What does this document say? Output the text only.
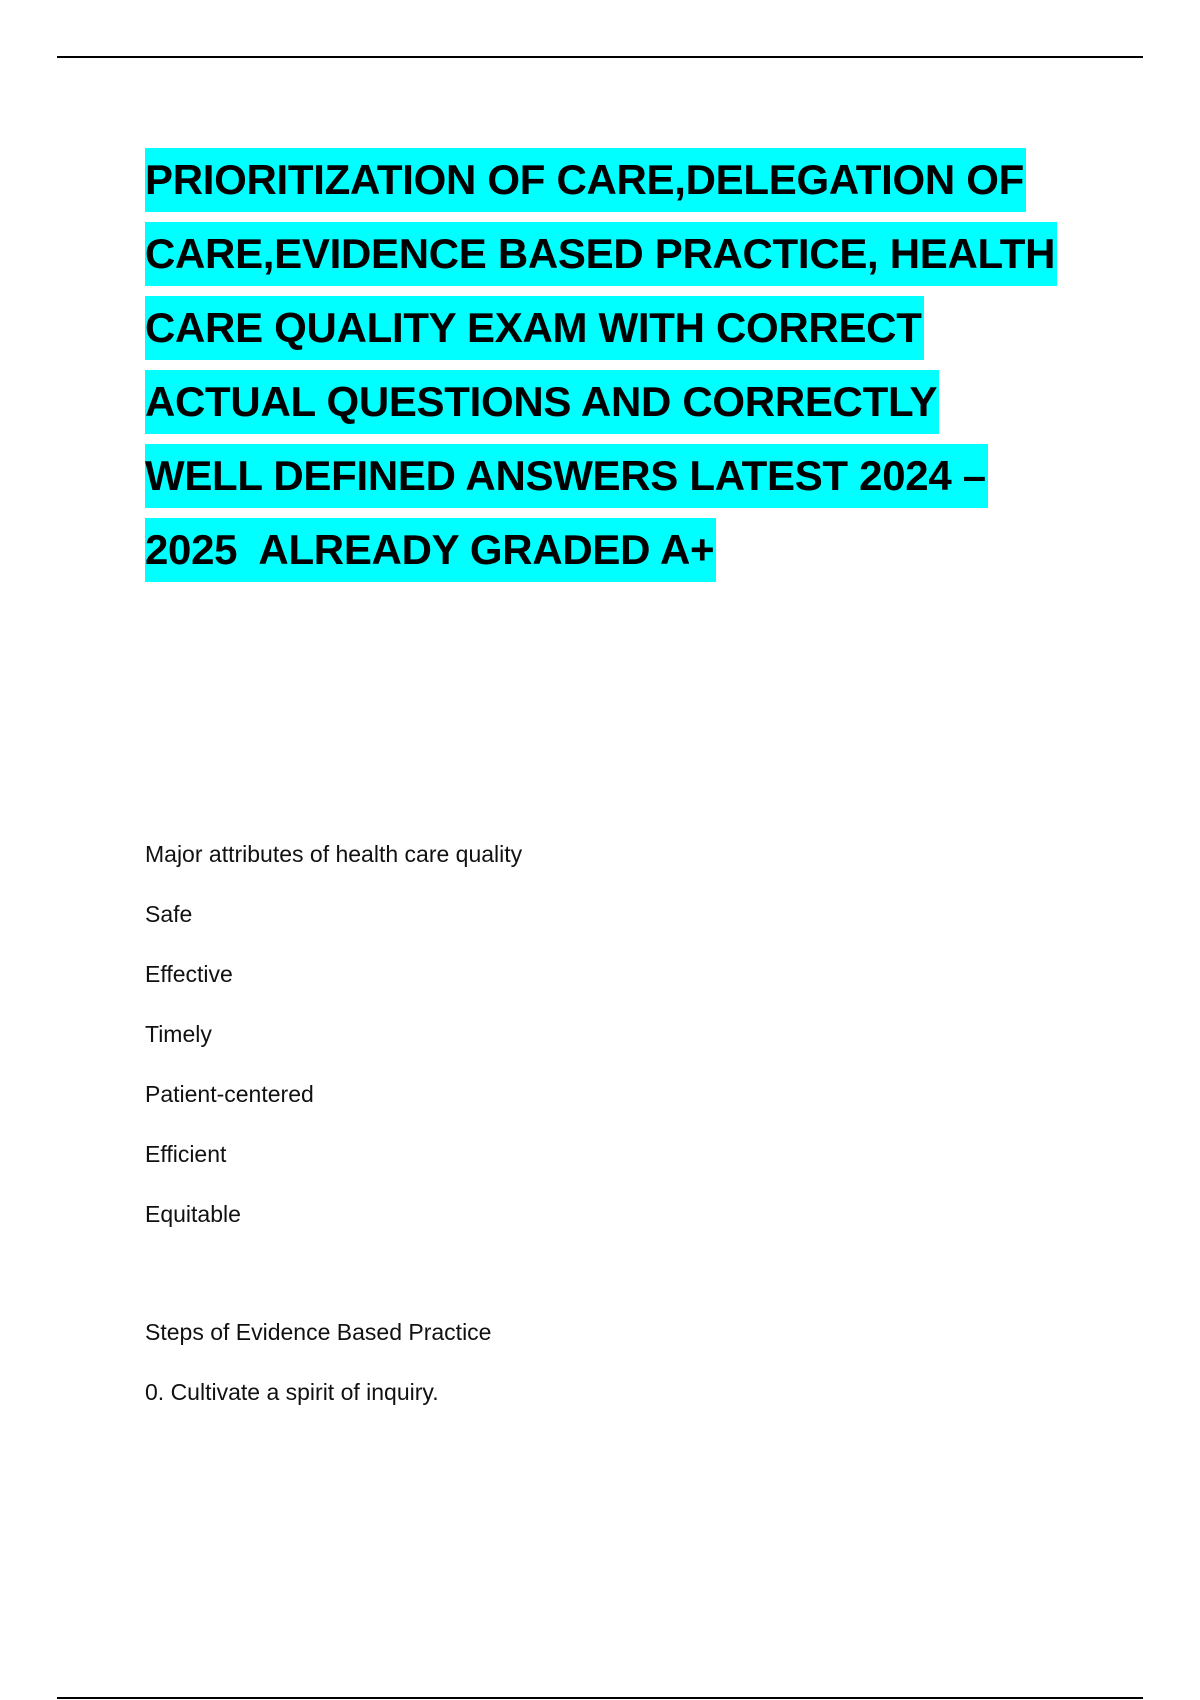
PRIORITIZATION OF CARE,DELEGATION OF
CARE,EVIDENCE BASED PRACTICE, HEALTH
CARE QUALITY EXAM WITH CORRECT
ACTUAL QUESTIONS AND CORRECTLY
WELL DEFINED ANSWERS LATEST 2024 –
2025  ALREADY GRADED A+
Major attributes of health care quality
Safe
Effective
Timely
Patient-centered
Efficient
Equitable
Steps of Evidence Based Practice
0. Cultivate a spirit of inquiry.
